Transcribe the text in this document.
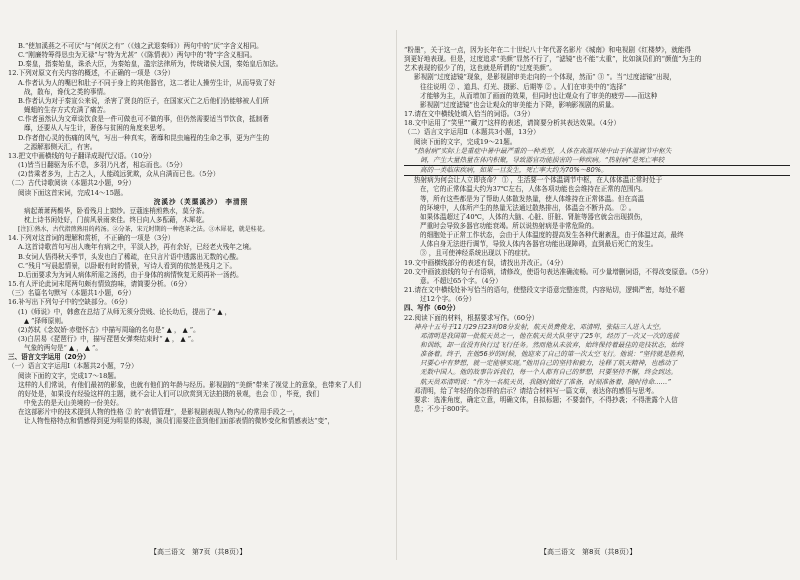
B.“使加溪燕之不可厌”与“何厌之有”（《烛之武退秦师》）两句中的“厌”字含义相同。
C.“刚廉特筹得恳虫为无禄”与“特为尤甚”（《陈情表》）两句中的“特”字含义相同。
D.秦皇，指秦始皇，诛杀大臣，为秦始皇，滥宗法律所为，传统诸侯大国，秦始皇后加法。
12.下列对原文有关内容的概述，不正确的一项是（3分）
A.作者认为人的嘴巴和肚子不同于身上的其他器官，这二者让人操劳生计，从而导致了好
战，散布，谗伐之类的事情。
B.作者认为对于秦宣公来说，杀害了贤良的臣子，在国家灭亡之后他们仍能够被人们所
蝇蛆的生存方式充满了痛苦。
C.作者虽然认为文章谈饮食是一件可做也可不做的事，但仍然需要适当节饮食，抵制奢
靡，还要从人与生计，奢侈与贫困的角度来思考。
D.作者借心灵的伤痛的风气，写出一种真实，奢靡和昆虫遍程的生命之事，更为产生的
之源解那侧天汇，有害。
13.把文中画横线的句子翻译成现代汉语。（10分）
(1)皆当日翻驱为乐不息，多羽乃凡者，相忘而也。（5分）
(2)昔乘者多为，上古之人，人能疏远犹欺，众从自满而已也。（5分）
（二）古代诗歌阅读（本题共2小题，9分）
阅读下面这首宋词，完成14～15题。
浣溪沙（芙蕖溪沙） 李清照
病起萧萧两鬓华，卧看残月上窗纱。豆蔻连梢煎熟水，莫分茶。
枕上诗书闲处好，门前风景雨来佳。终日向人多酝藉，木犀花。
[注]①熟水，古代指煎熟用的药汤。②分茶，宋元时期的一种泡茶之法。③木犀花，就是桂花。
14.下列对这首词的理解和赏析，不正确的一项是（3分）
A.这首诗歌首句写出人晚年有病之中，平淡人抄，再有余好，已经老火残年之境。
B.女词人悟得秋天季节，头发也白了稀疏，在只言片语中透露出无数的心酸。
C.“残月”写晨起情景，以卧眠有时的情景，写诗人看到的依然是残月之下。
D.后面要求为为词人病体所需之汤药，由于身体的病情恢复无须再补一汤药。
15.有人评论此词末尾两句颇有情致韵味，请简要分析。（6分）
（三）名篇名句默写（本题共1小题，6分）
16.补写出下列句子中的空缺部分。（6分）
(1)《师说》中，韩愈在总结了从师无须分贵贱、论长幼后，提出了“ ▲ ，
▲ ”择师原则。
(2)苏轼《念奴娇·赤壁怀古》中描写周瑜的名句是“ ▲ ， ▲ ”。
(3)白居易《琵琶行》中，描写琵琶女弹奏结束时“ ▲ ， ▲ ”。
气象的两句是“ ▲ ， ▲ ”。
三、语言文字运用（20分）
（一）语言文字运用Ⅰ（本题共2小题，7分）
阅读下面的文字，完成17～18题。
这样的人们常说，有他们最初的影象，也就有他们的年龄与经历。影视剧的“美颜”带来了视觉上的意象，也带来了人们
的好处是，如果没有经验这样的主题，就不会让人们可以欣赏到无法拍摄的景观，也会 ① ，毕竟，我们
中免去的是天山美境的一份美好。
在这部影片中的技术提到人物的性格 ② 的“表情管理”，是影视剧表现人物内心的常用手段之一，
让人物性格特点和情感得到更为明显的体现，演员们需要注意到他们面部表情的微妙变化和情感表达“变”，
“粉墨”，关于这一点，因为长年在二十世纪八十年代著名影片《城南》和电视剧《红楼梦》，就能得
到更好地表现。但是，过度追求“美颜”显然不行了，“滤镜”也不能“太重”，比如演员们的“颜值”为主的
艺术表现的很少了的，这也就是所谓的“过度美颜”。
影视剧“过度滤镜”现象，是影视剧审美走向的一个体现，然而“ ③ ”。当“过度滤镜”出现，
往往说明 ② 、道具、灯光、摄影、后期等 ② 。人们在审美中的“选择”
才能够为主，从而增加了画面的效果，但同时也让观众有了审美的疲劳——而这种
影视剧“过度滤镜”也会让观众的审美能力下降，影响影视剧的质量。
17.请在文中横线处填入恰当的词语。（3分）
18.文中运用了“笑里”“藏刀”这样的表述，请简要分析其表达效果。（4分）
（二）语言文字运用Ⅱ（本题共3小题，13分）
阅读下面的文字，完成19～21题。
“热射病”实际上是重症中暑中最严重的一种类型，人体在高温环境中由于体温调节中枢失
调，产生大量热量在体内积聚，导致器官功能损害的一种疾病。“热射病”是死亡率较
高的一类临床疾病，如果一旦发生，死亡率大约为70%～80%。
热射病为何会让人立即丧命？ ① ，生活要一个体温调节中枢，在人体体温正常时处于
在，它的正常体温大约为37℃左右，人体各项功能也会维持在正常的范围内。
等，所有这些都是为了帮助人体散发热量，使人体维持在正常体温。但在高温
的环境中，人体所产生的热量无法通过散热排出，体温会不断升高。 ② 。
如果体温超过了40℃，人体的大脑、心脏、肝脏、肾脏等器官就会出现损伤，
严重时会导致多器官功能衰竭。所以说热射病是非常危险的。
的细胞处于正常工作状态，会由于人体温度的提高发生各种代谢紊乱，由于体温过高，最终
人体自身无法进行调节，导致人体内各器官功能出现障碍，直到最后死亡的发生。
③ ，且可使神经系统出现以下的症状。
19.文中画横线部分的表述有误，请找出并改正。（4分）
20.文中画波浪线的句子有语病，请修改，使语句表达准确流畅。可少量增删词语，不得改变原意。（5分）
意。不超过65个字。（4分）
21.请在文中横线处补写恰当的语句，使整段文字语意完整连贯，内容贴切，逻辑严密，每处不超
过12个字。（6分）
四、写作（60分）
22.阅读下面的材料，根据要求写作。（60分）
神舟十五号于11月29日23时08分发射，航天员费俊龙、邓清明、张陆三人进入太空。
邓清明是我国第一批航天员之一，他在航天员大队坚守了25年，经历了一次又一次的选拔
和训练，却一直没有执行过飞行任务。然而他从未放弃，始终保持着最佳的竞技状态，始终
准备着。终于，在他56岁的时候，他迎来了自己的第一次太空飞行。他说：“坚持就是胜利，
只要心中有梦想，就一定能够实现。”他用自己的坚持和毅力，诠释了航天精神，也感动了
无数中国人。他的故事告诉我们，每一个人都有自己的梦想，只要坚持不懈，终会到达。
航天员邓清明说：“作为一名航天员，我随时做好了准备，时刻准备着，随时待命……”
邓清明，给了年轻的你怎样的启示？请结合材料写一篇文章，表达你的感悟与思考。
要求：选准角度，确定立意，明确文体，自拟标题；不要套作，不得抄袭；不得泄露个人信
息；不少于800字。
【高三语文　第7页（共8页）】	【高三语文　第8页（共8页）】
